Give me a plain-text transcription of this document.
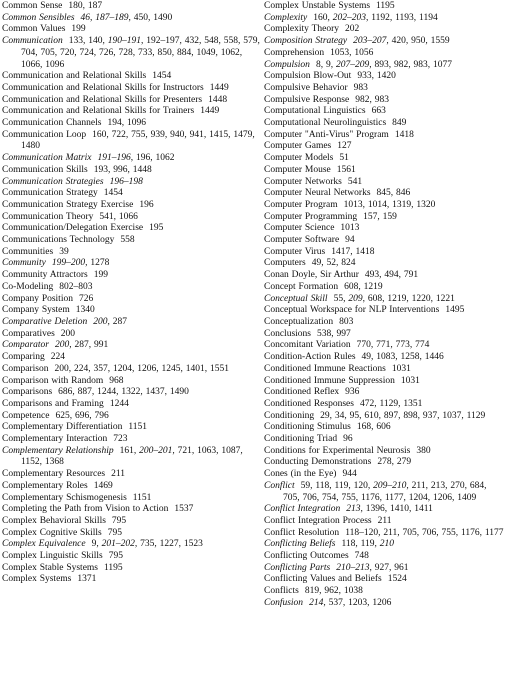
Common Sense 180, 187
Common Sensibles 46, 187–189, 450, 1490
Common Values 199
Communication 133, 140, 190–191, 192–197, 432, 548, 558, 579, 704, 705, 720, 724, 726, 728, 733, 850, 884, 1049, 1062, 1066, 1096
Communication and Relational Skills 1454
Communication and Relational Skills for Instructors 1449
Communication and Relational Skills for Presenters 1448
Communication and Relational Skills for Trainers 1449
Communication Channels 194, 1096
Communication Loop 160, 722, 755, 939, 940, 941, 1415, 1479, 1480
Communication Matrix 191–196, 196, 1062
Communication Skills 193, 996, 1448
Communication Strategies 196–198
Communication Strategy 1454
Communication Strategy Exercise 196
Communication Theory 541, 1066
Communication/Delegation Exercise 195
Communications Technology 558
Communities 39
Community 199–200, 1278
Community Attractors 199
Co-Modeling 802–803
Company Position 726
Company System 1340
Comparative Deletion 200, 287
Comparatives 200
Comparator 200, 287, 991
Comparing 224
Comparison 200, 224, 357, 1204, 1206, 1245, 1401, 1551
Comparison with Random 968
Comparisons 686, 887, 1244, 1322, 1437, 1490
Comparisons and Framing 1244
Competence 625, 696, 796
Complementary Differentiation 1151
Complementary Interaction 723
Complementary Relationship 161, 200–201, 721, 1063, 1087, 1152, 1368
Complementary Resources 211
Complementary Roles 1469
Complementary Schismogenesis 1151
Completing the Path from Vision to Action 1537
Complex Behavioral Skills 795
Complex Cognitive Skills 795
Complex Equivalence 9, 201–202, 735, 1227, 1523
Complex Linguistic Skills 795
Complex Stable Systems 1195
Complex Systems 1371
Complex Unstable Systems 1195
Complexity 160, 202–203, 1192, 1193, 1194
Complexity Theory 202
Composition Strategy 203–207, 420, 950, 1559
Comprehension 1053, 1056
Compulsion 8, 9, 207–209, 893, 982, 983, 1077
Compulsion Blow-Out 933, 1420
Compulsive Behavior 983
Compulsive Response 982, 983
Computational Linguistics 663
Computational Neurolinguistics 849
Computer "Anti-Virus" Program 1418
Computer Games 127
Computer Models 51
Computer Mouse 1561
Computer Networks 541
Computer Neural Networks 845, 846
Computer Program 1013, 1014, 1319, 1320
Computer Programming 157, 159
Computer Science 1013
Computer Software 94
Computer Virus 1417, 1418
Computers 49, 52, 824
Conan Doyle, Sir Arthur 493, 494, 791
Concept Formation 608, 1219
Conceptual Skill 55, 209, 608, 1219, 1220, 1221
Conceptual Workspace for NLP Interventions 1495
Conceptualization 803
Conclusions 538, 997
Concomitant Variation 770, 771, 773, 774
Condition-Action Rules 49, 1083, 1258, 1446
Conditioned Immune Reactions 1031
Conditioned Immune Suppression 1031
Conditioned Reflex 936
Conditioned Responses 472, 1129, 1351
Conditioning 29, 34, 95, 610, 897, 898, 937, 1037, 1129
Conditioning Stimulus 168, 606
Conditioning Triad 96
Conditions for Experimental Neurosis 380
Conducting Demonstrations 278, 279
Cones (in the Eye) 944
Conflict 59, 118, 119, 120, 209–210, 211, 213, 270, 684, 705, 706, 754, 755, 1176, 1177, 1204, 1206, 1409
Conflict Integration 213, 1396, 1410, 1411
Conflict Integration Process 211
Conflict Resolution 118–120, 211, 705, 706, 755, 1176, 1177
Conflicting Beliefs 118, 119, 210
Conflicting Outcomes 748
Conflicting Parts 210–213, 927, 961
Conflicting Values and Beliefs 1524
Conflicts 819, 962, 1038
Confusion 214, 537, 1203, 1206
